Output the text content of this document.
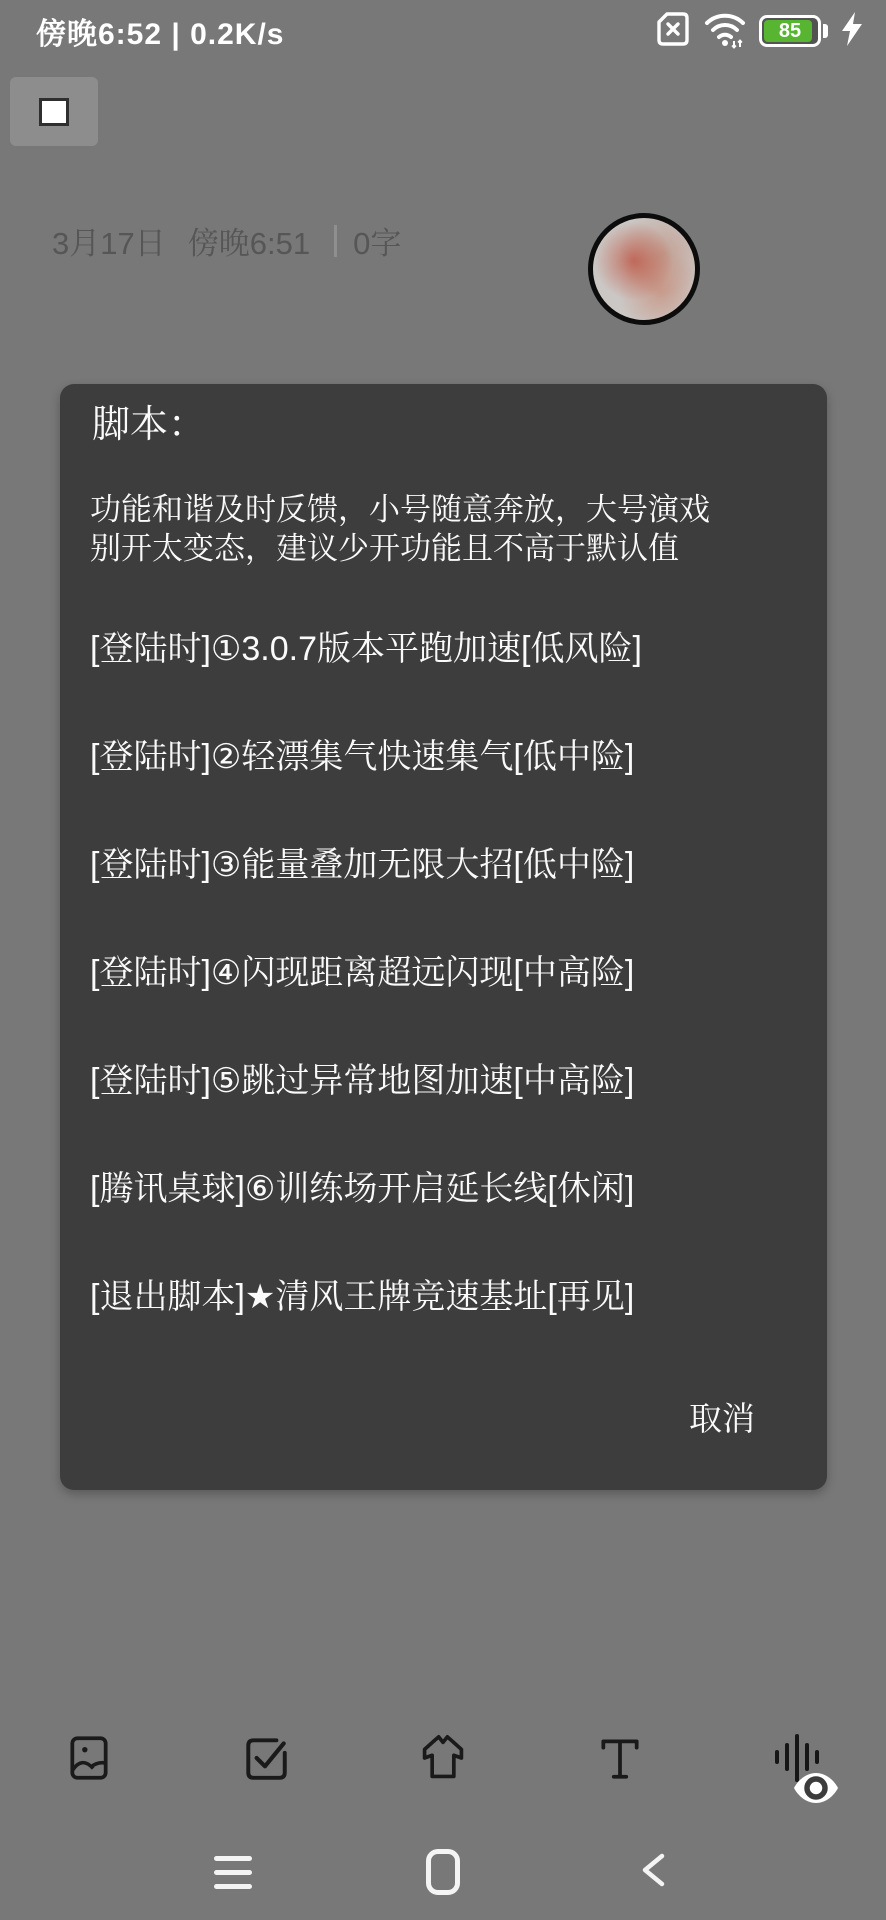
傍晚6:52 | 0.2K/s	85
3月17日 傍晚6:51 0字
脚本：
功能和谐及时反馈，小号随意奔放，大号演戏
别开太变态，建议少开功能且不高于默认值
[登陆时]①3.0.7版本平跑加速[低风险]
[登陆时]②轻漂集气快速集气[低中险]
[登陆时]③能量叠加无限大招[低中险]
[登陆时]④闪现距离超远闪现[中高险]
[登陆时]⑤跳过异常地图加速[中高险]
[腾讯桌球]⑥训练场开启延长线[休闲]
[退出脚本]★清风王牌竞速基址[再见]
取消
